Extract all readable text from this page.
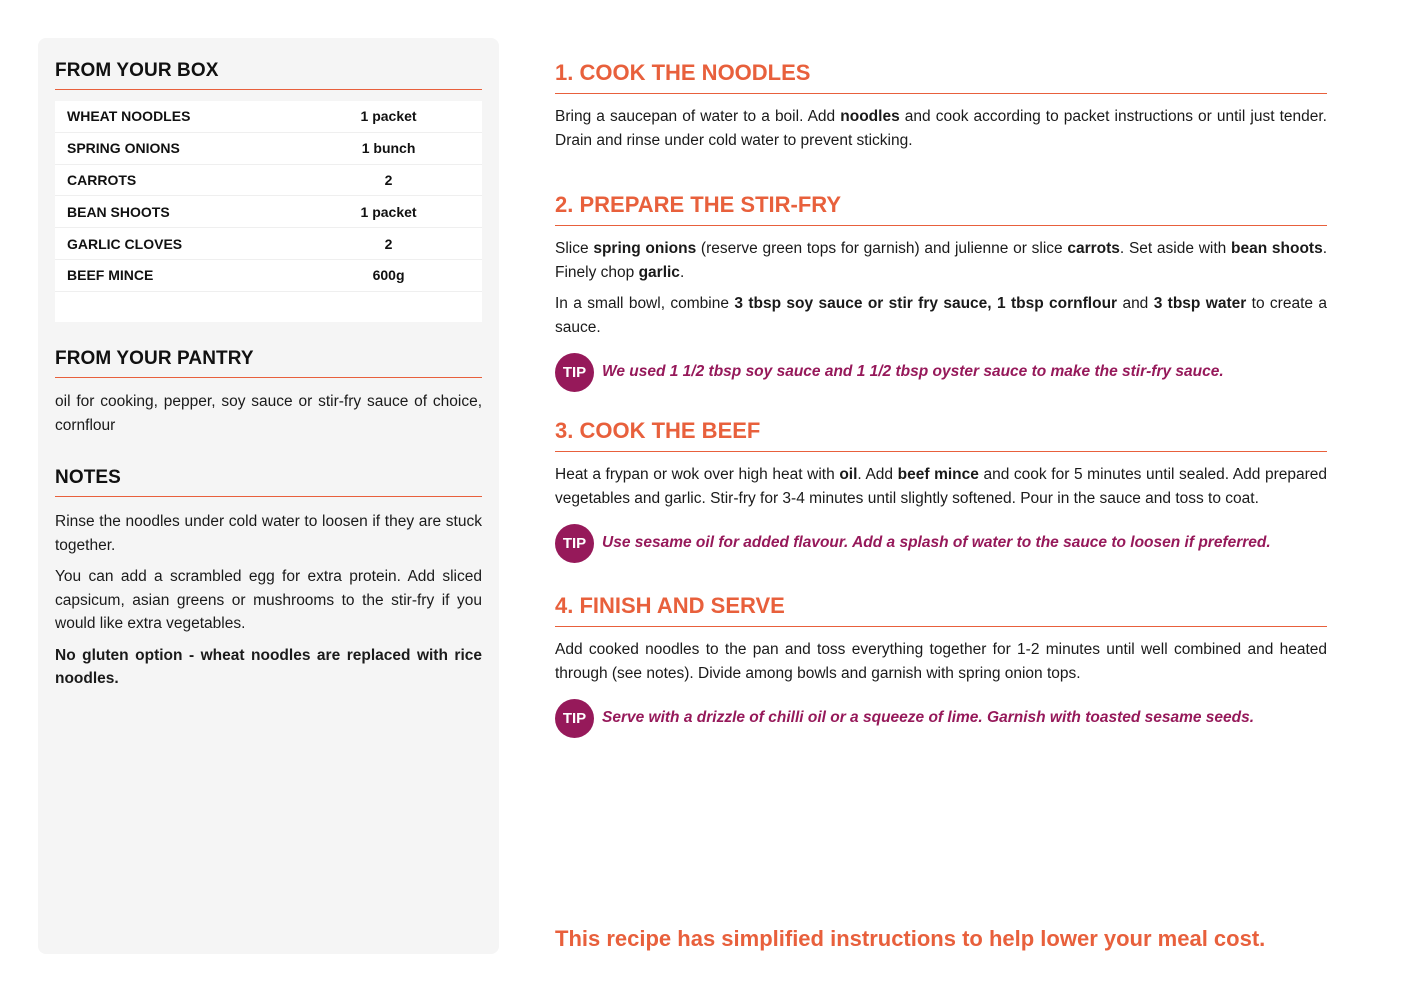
FROM YOUR BOX
WHEAT NOODLES	1 packet
SPRING ONIONS	1 bunch
CARROTS	2
BEAN SHOOTS	1 packet
GARLIC CLOVES	2
BEEF MINCE	600g
FROM YOUR PANTRY

oil for cooking, pepper, soy sauce or stir-fry sauce of choice, cornflour

NOTES

Rinse the noodles under cold water to loosen if they are stuck together.

You can add a scrambled egg for extra protein. Add sliced capsicum, asian greens or mushrooms to the stir-fry if you would like extra vegetables.

No gluten option - wheat noodles are replaced with rice noodles.

1. COOK THE NOODLES

Bring a saucepan of water to a boil. Add noodles and cook according to packet instructions or until just tender. Drain and rinse under cold water to prevent sticking.

2. PREPARE THE STIR-FRY

Slice spring onions (reserve green tops for garnish) and julienne or slice carrots. Set aside with bean shoots. Finely chop garlic.

In a small bowl, combine 3 tbsp soy sauce or stir fry sauce, 1 tbsp cornflour and 3 tbsp water to create a sauce.

TIP	We used 1 1/2 tbsp soy sauce and 1 1/2 tbsp oyster sauce to make the stir-fry sauce.
3. COOK THE BEEF

Heat a frypan or wok over high heat with oil. Add beef mince and cook for 5 minutes until sealed. Add prepared vegetables and garlic. Stir-fry for 3-4 minutes until slightly softened. Pour in the sauce and toss to coat.

TIP	Use sesame oil for added flavour. Add a splash of water to the sauce to loosen if preferred.
4. FINISH AND SERVE

Add cooked noodles to the pan and toss everything together for 1-2 minutes until well combined and heated through (see notes). Divide among bowls and garnish with spring onion tops.

TIP	Serve with a drizzle of chilli oil or a squeeze of lime. Garnish with toasted sesame seeds.
This recipe has simplified instructions to help lower your meal cost.
